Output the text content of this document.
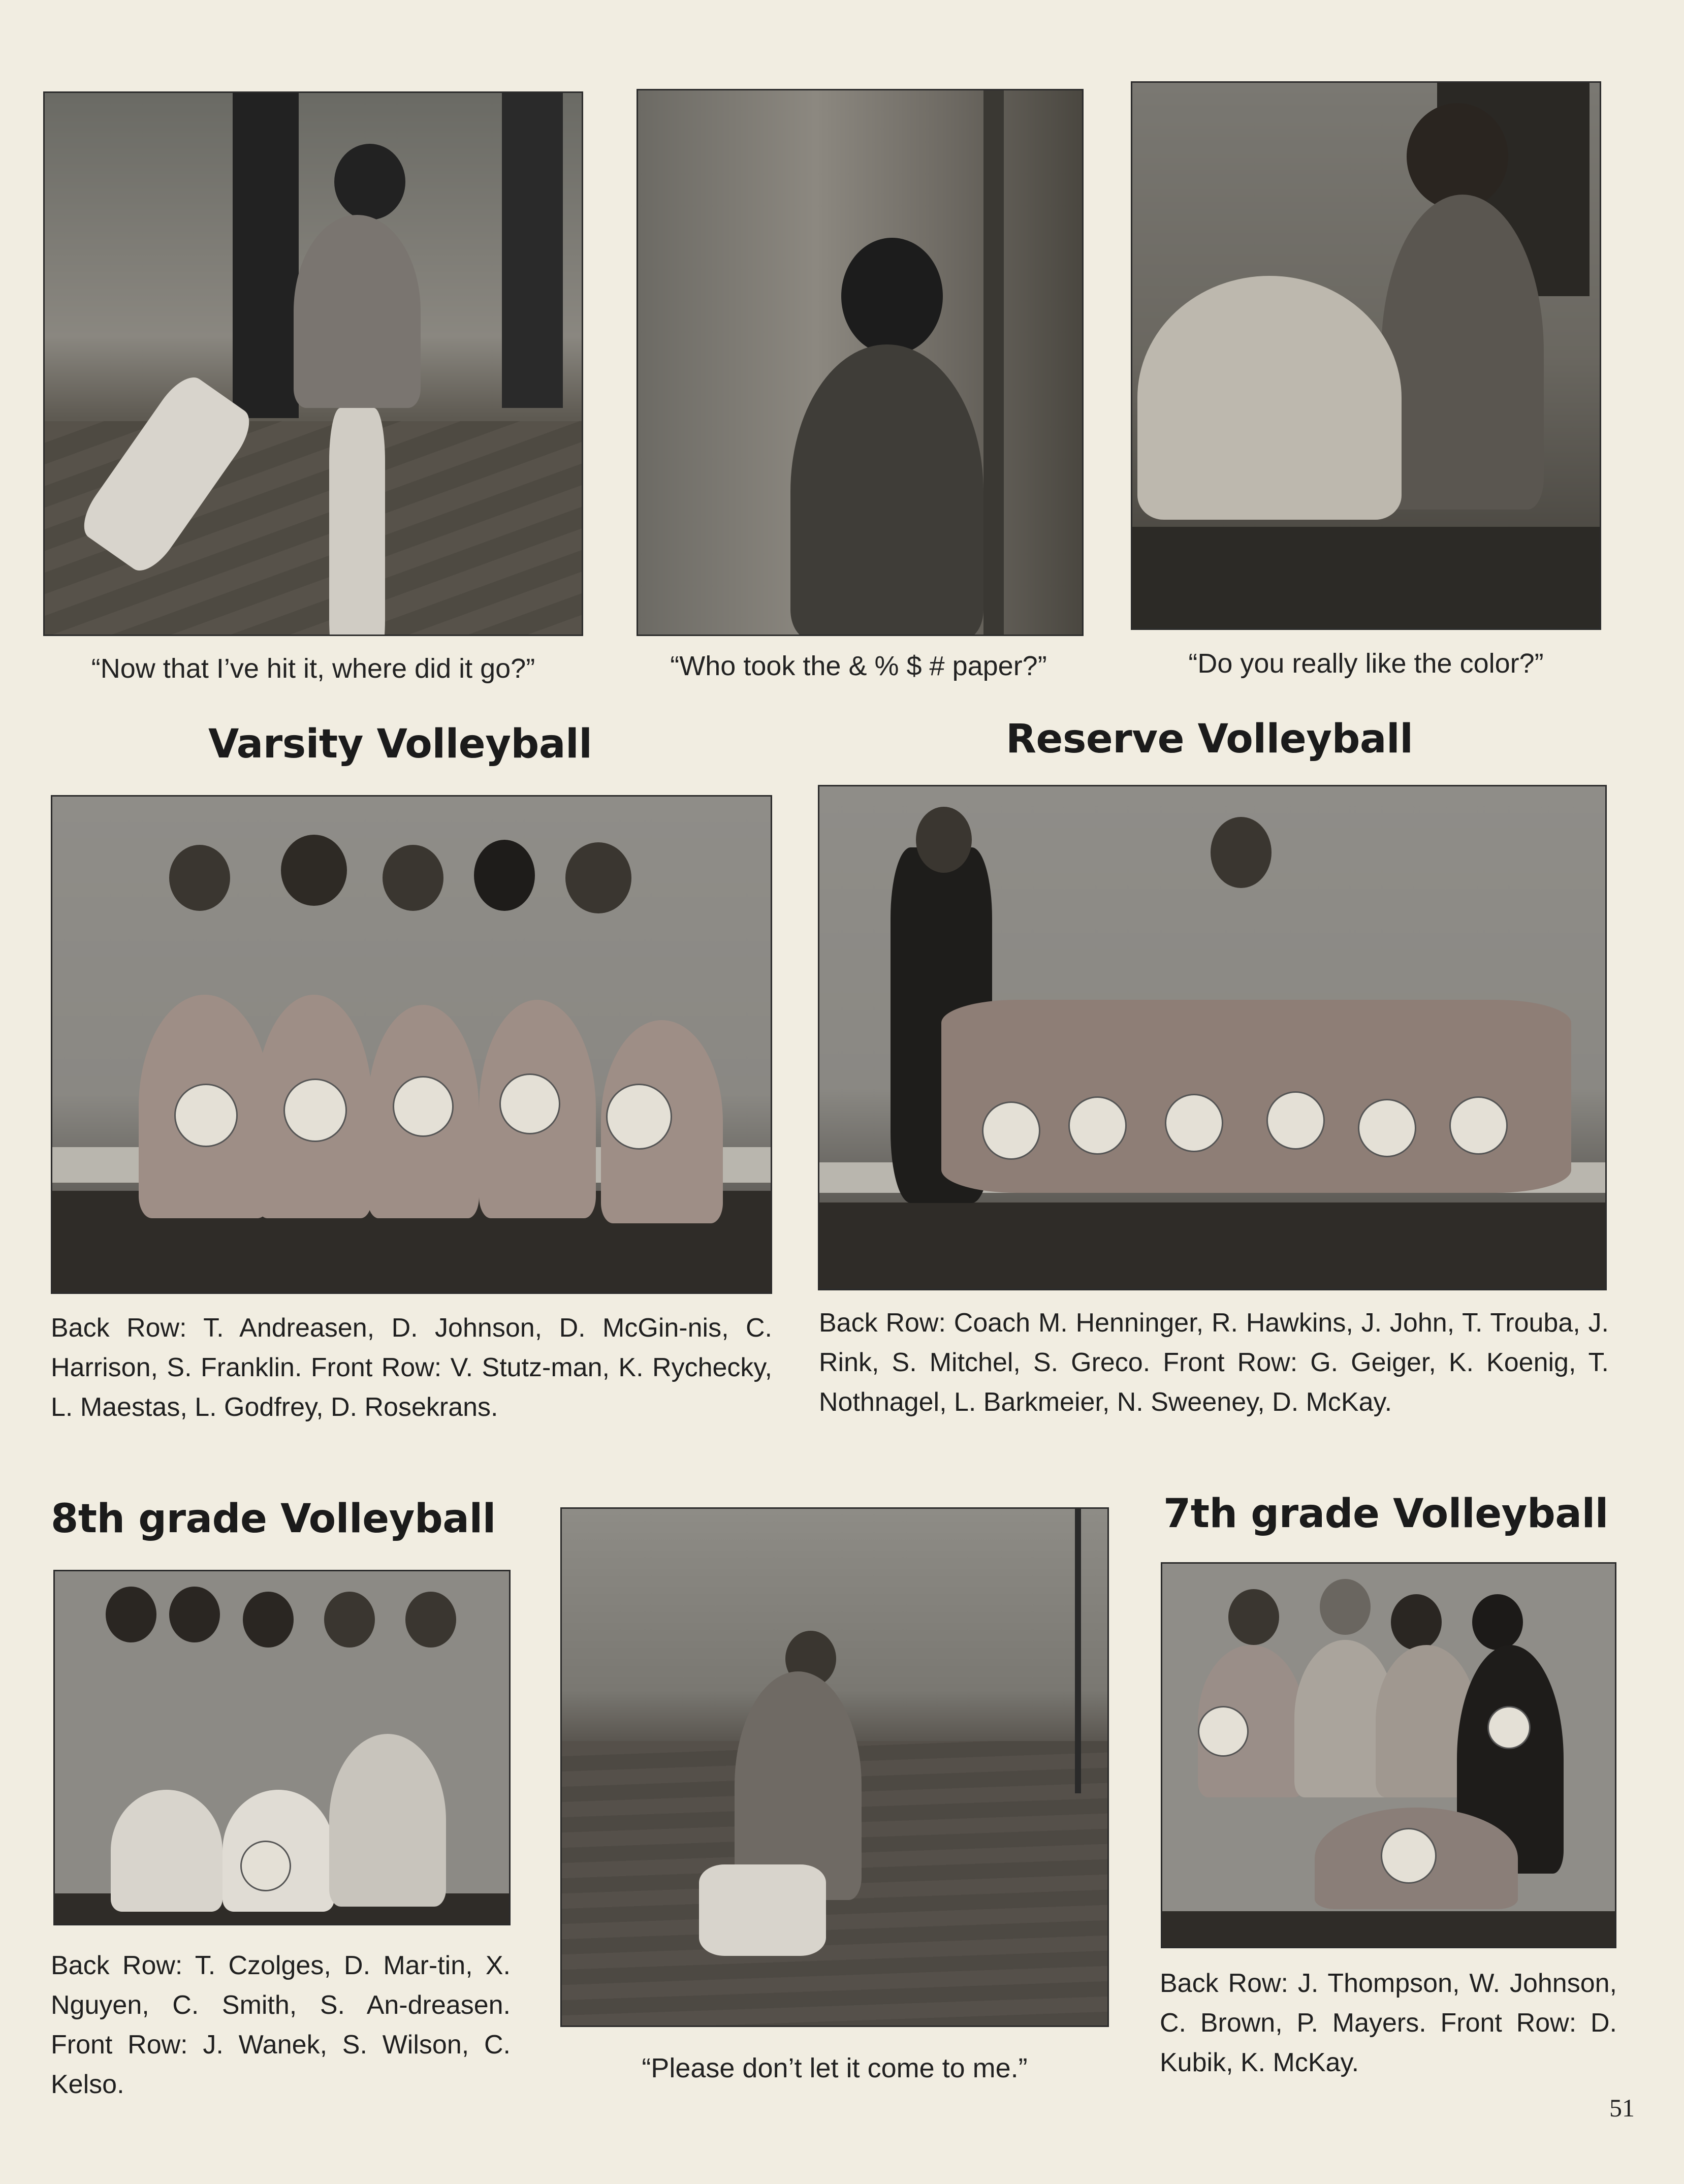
“Now that I’ve hit it, where did it go?”	“Who took the & % $ # paper?”	“Do you really like the color?”
Varsity Volleyball	Reserve Volleyball

Back Row: T. Andreasen, D. Johnson, D. McGin-nis, C. Harrison, S. Franklin. Front Row: V. Stutz-man, K. Rychecky, L. Maestas, L. Godfrey, D. Rosekrans.

Back Row: Coach M. Henninger, R. Hawkins, J. John, T. Trouba, J. Rink, S. Mitchel, S. Greco. Front Row: G. Geiger, K. Koenig, T. Nothnagel, L. Barkmeier, N. Sweeney, D. McKay.

8th grade Volleyball	7th grade Volleyball

Back Row: T. Czolges, D. Mar-tin, X. Nguyen, C. Smith, S. An-dreasen. Front Row: J. Wanek, S. Wilson, C. Kelso.

“Please don’t let it come to me.”

Back Row: J. Thompson, W. Johnson, C. Brown, P. Mayers. Front Row: D. Kubik, K. McKay.

51
